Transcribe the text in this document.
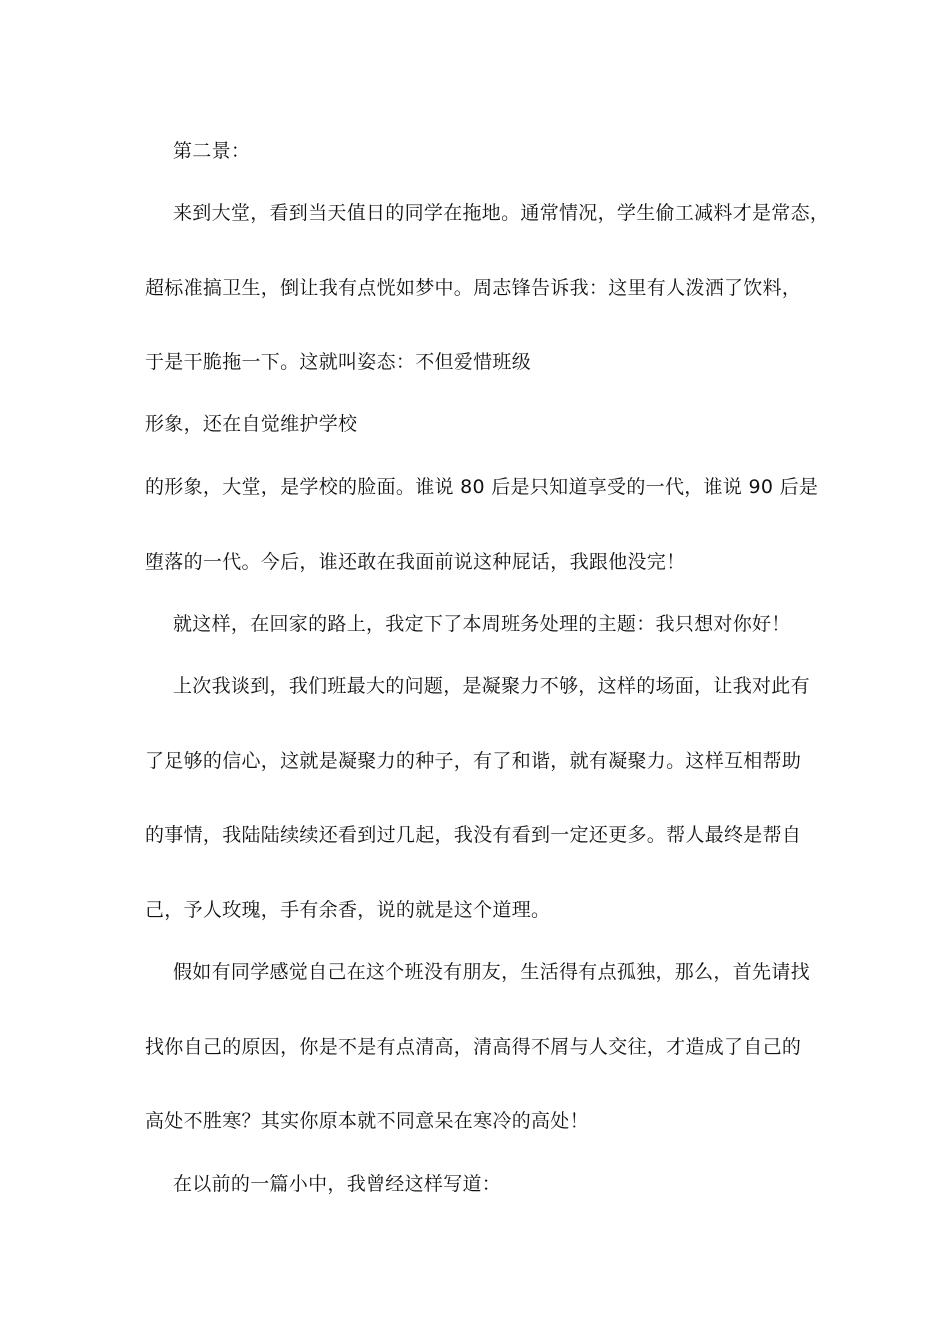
第二景：
来到大堂，看到当天值日的同学在拖地。通常情况，学生偷工减料才是常态，
超标准搞卫生，倒让我有点恍如梦中。周志锋告诉我：这里有人泼洒了饮料，
于是干脆拖一下。这就叫姿态：不但爱惜班级
形象，还在自觉维护学校
的形象，大堂，是学校的脸面。谁说 80 后是只知道享受的一代，谁说 90 后是
堕落的一代。今后，谁还敢在我面前说这种屁话，我跟他没完！
就这样，在回家的路上，我定下了本周班务处理的主题：我只想对你好！
上次我谈到，我们班最大的问题，是凝聚力不够，这样的场面，让我对此有
了足够的信心，这就是凝聚力的种子，有了和谐，就有凝聚力。这样互相帮助
的事情，我陆陆续续还看到过几起，我没有看到一定还更多。帮人最终是帮自
己，予人玫瑰，手有余香，说的就是这个道理。
假如有同学感觉自己在这个班没有朋友，生活得有点孤独，那么，首先请找
找你自己的原因，你是不是有点清高，清高得不屑与人交往，才造成了自己的
高处不胜寒？其实你原本就不同意呆在寒冷的高处！
在以前的一篇小中，我曾经这样写道：
